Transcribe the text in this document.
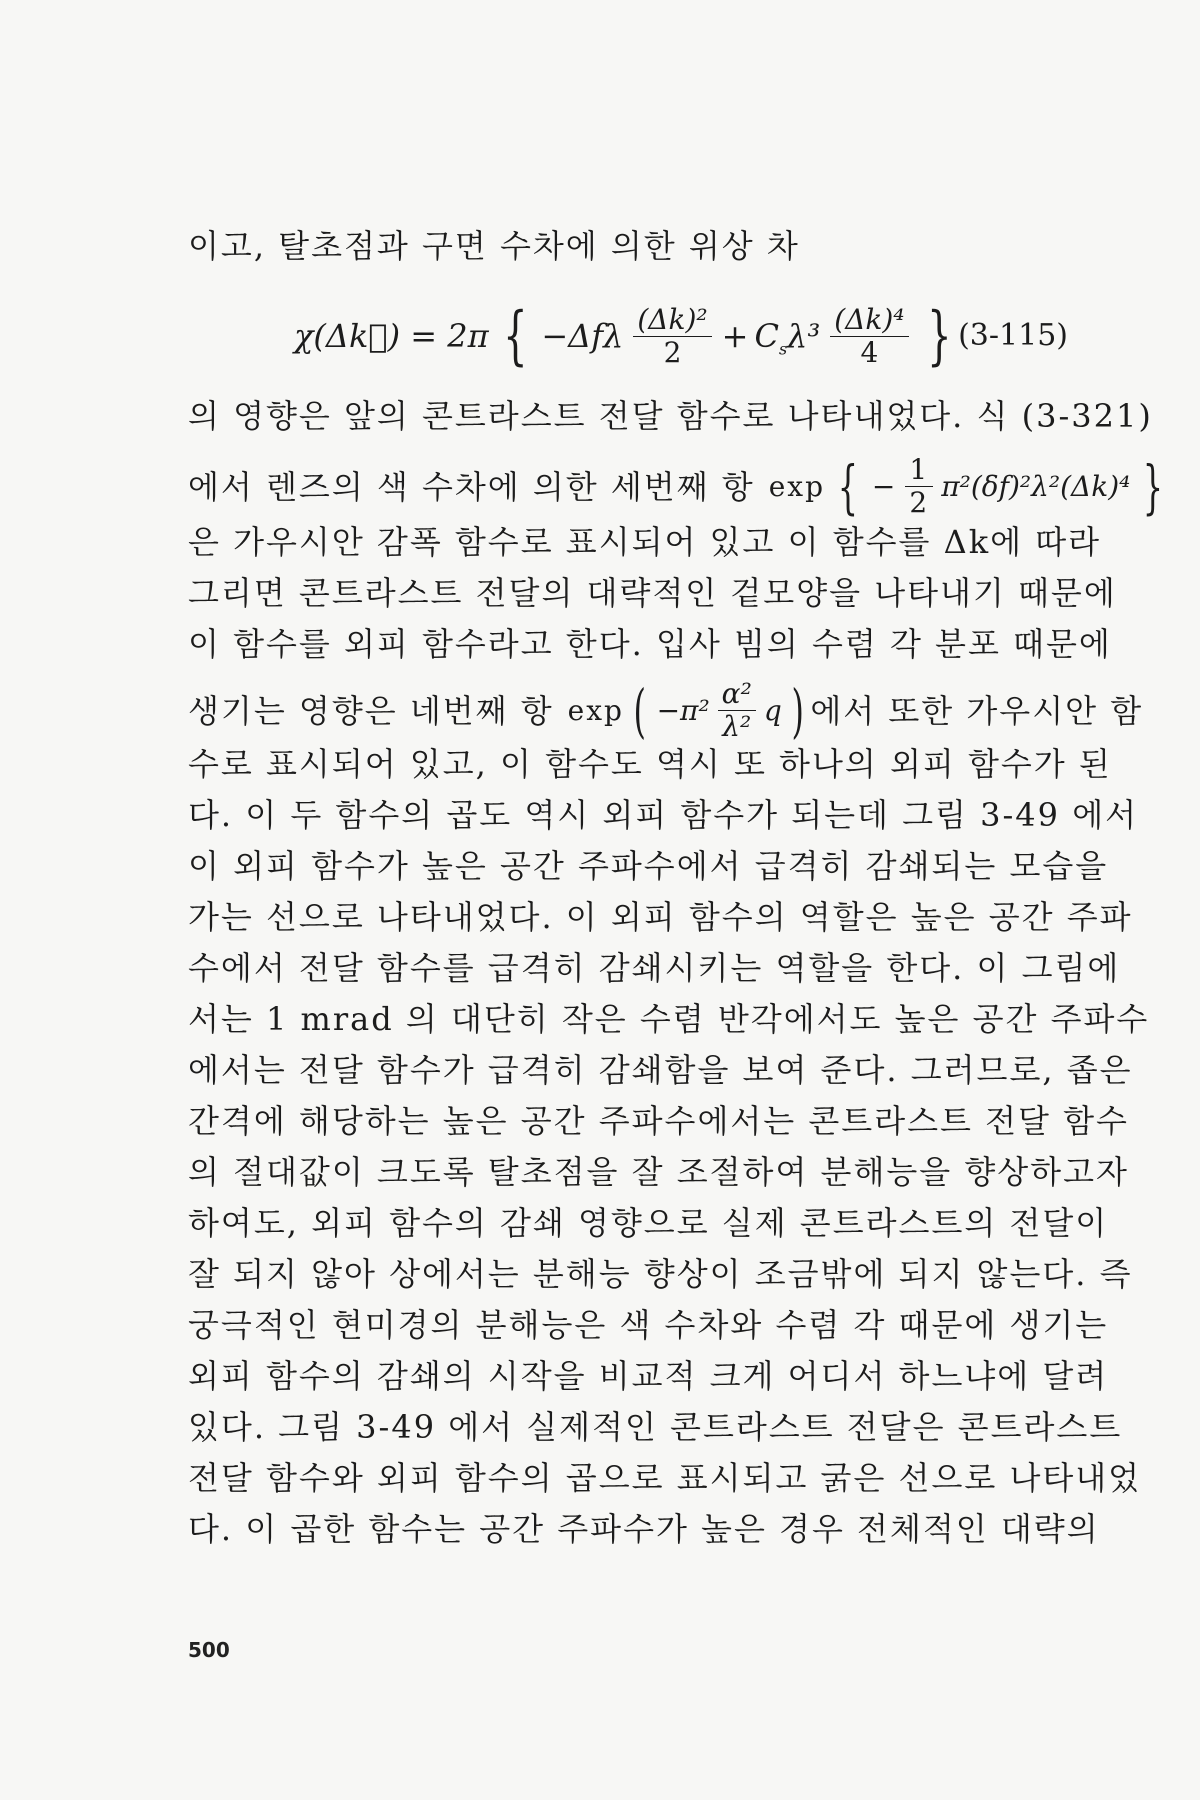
이고, 탈초점과 구면 수차에 의한 위상 차
χ(Δk⃗) = 2π { $-\Delta f\lambda \frac{\text{(Δk)²}}{2} + C_s\lambda^3 \frac{\text{(Δk)⁴}}{4}$ } (3-115)
의 영향은 앞의 콘트라스트 전달 함수로 나타내었다. 식 (3-321)
에서 렌즈의 색 수차에 의한 세번째 항 exp { − $\frac{1}{2} \pi^2(\delta f)^2\lambda^2(\Delta k)^4$ }
은 가우시안 감폭 함수로 표시되어 있고 이 함수를 Δk에 따라
그리면 콘트라스트 전달의 대략적인 겉모양을 나타내기 때문에
이 함수를 외피 함수라고 한다. 입사 빔의 수렴 각 분포 때문에
생기는 영향은 네번째 항 exp ( $-\pi^2 \frac{\text{α²}}{\text{λ²}}$ q ) 에서 또한 가우시안 함
수로 표시되어 있고, 이 함수도 역시 또 하나의 외피 함수가 된
다. 이 두 함수의 곱도 역시 외피 함수가 되는데 그림 3-49 에서
이 외피 함수가 높은 공간 주파수에서 급격히 감쇄되는 모습을
가는 선으로 나타내었다. 이 외피 함수의 역할은 높은 공간 주파
수에서 전달 함수를 급격히 감쇄시키는 역할을 한다. 이 그림에
서는 1 mrad 의 대단히 작은 수렴 반각에서도 높은 공간 주파수
에서는 전달 함수가 급격히 감쇄함을 보여 준다. 그러므로, 좁은
간격에 해당하는 높은 공간 주파수에서는 콘트라스트 전달 함수
의 절대값이 크도록 탈초점을 잘 조절하여 분해능을 향상하고자
하여도, 외피 함수의 감쇄 영향으로 실제 콘트라스트의 전달이
잘 되지 않아 상에서는 분해능 향상이 조금밖에 되지 않는다. 즉
궁극적인 현미경의 분해능은 색 수차와 수렴 각 때문에 생기는
외피 함수의 감쇄의 시작을 비교적 크게 어디서 하느냐에 달려
있다. 그림 3-49 에서 실제적인 콘트라스트 전달은 콘트라스트
전달 함수와 외피 함수의 곱으로 표시되고 굵은 선으로 나타내었
다. 이 곱한 함수는 공간 주파수가 높은 경우 전체적인 대략의
500
